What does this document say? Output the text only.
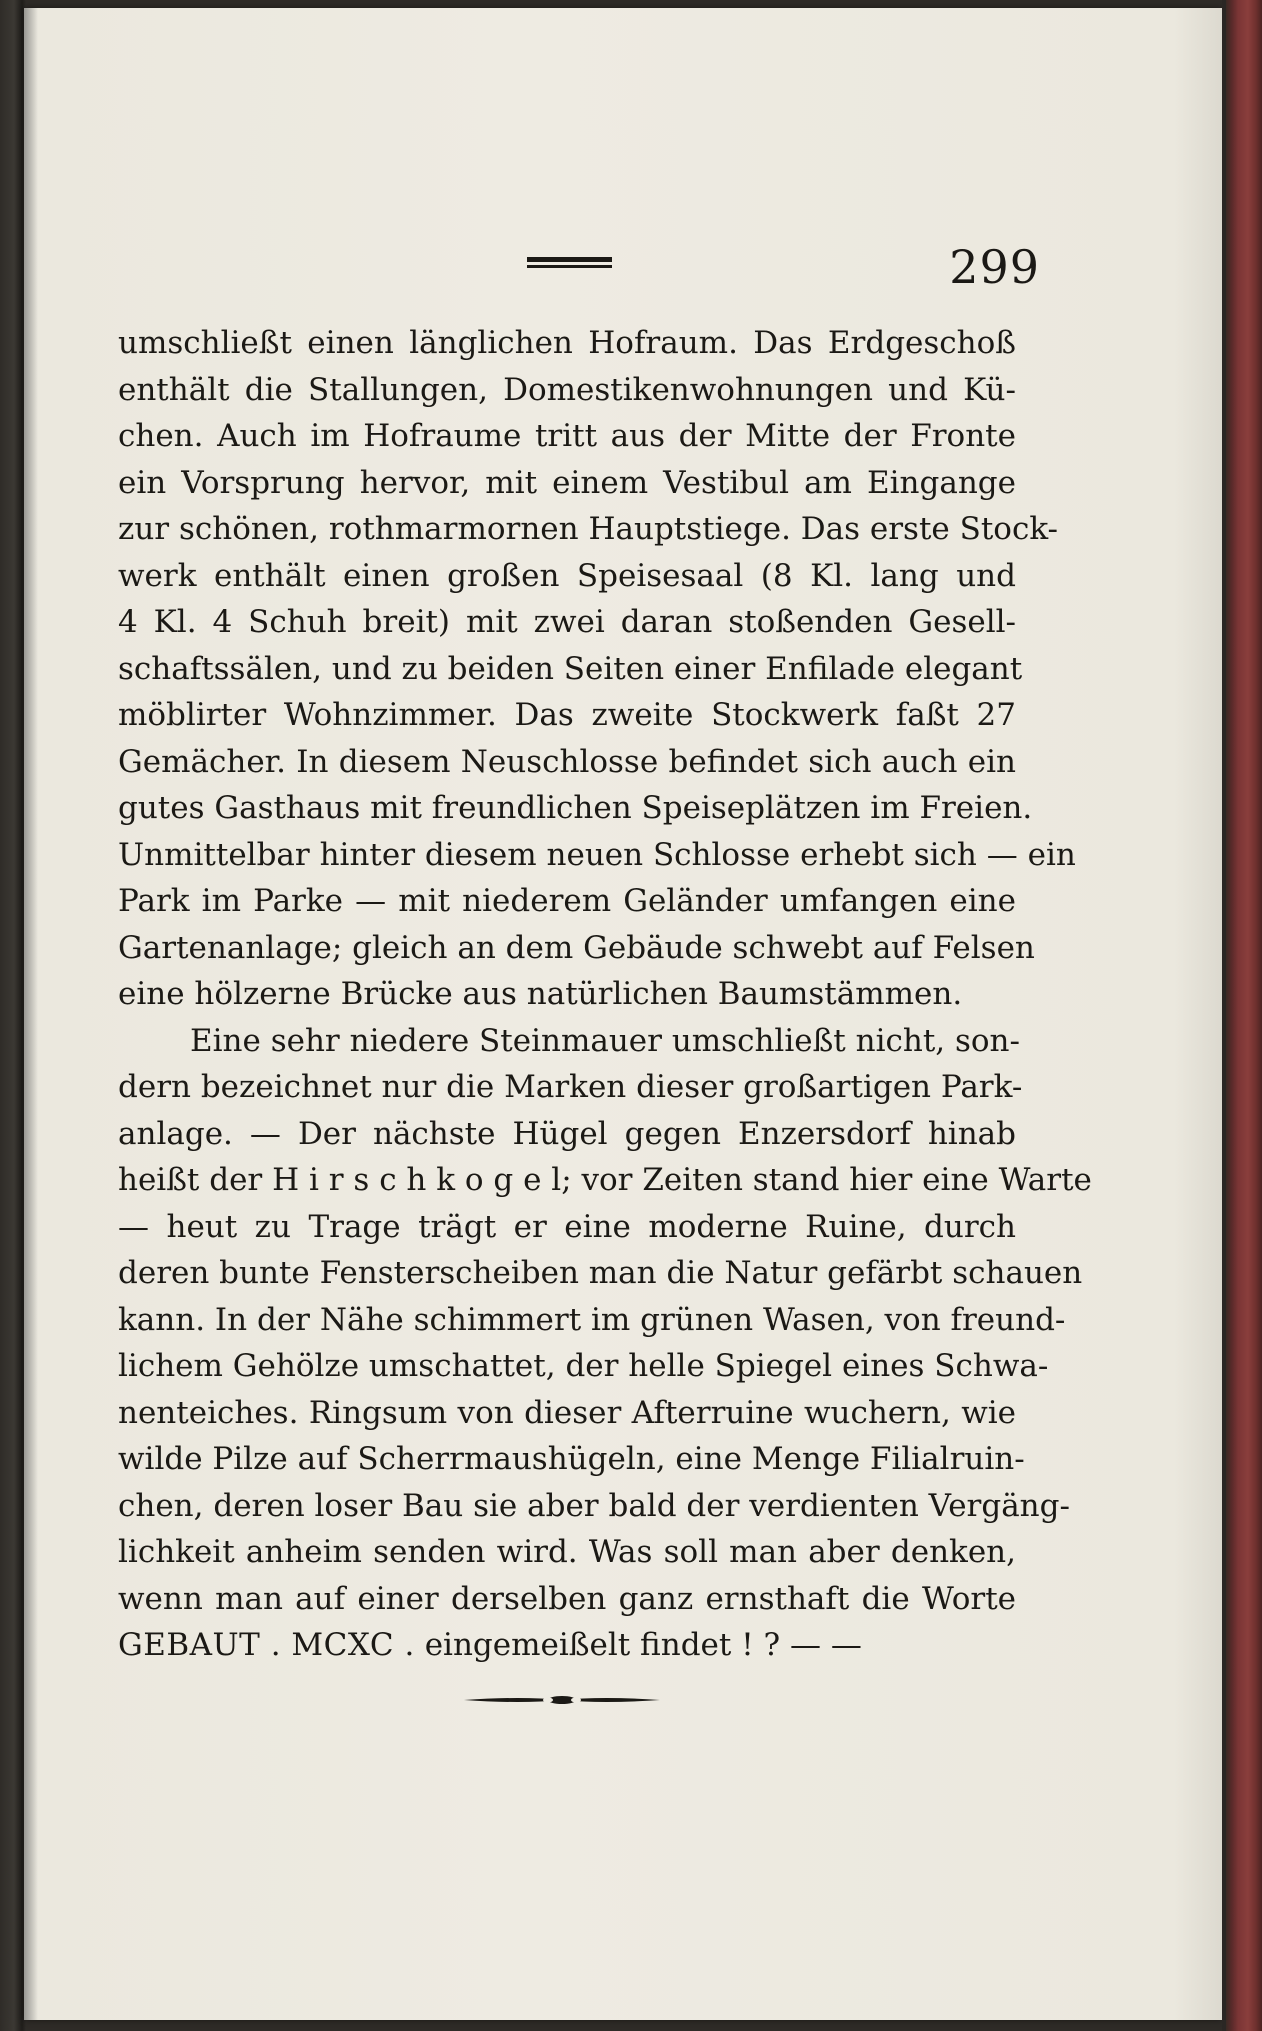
299
umschließt einen länglichen Hofraum. Das Erdgeschoß
enthält die Stallungen, Domestikenwohnungen und Kü-
chen. Auch im Hofraume tritt aus der Mitte der Fronte
ein Vorsprung hervor, mit einem Vestibul am Eingange
zur schönen, rothmarmornen Hauptstiege. Das erste Stock-
werk enthält einen großen Speisesaal (8 Kl. lang und
4 Kl. 4 Schuh breit) mit zwei daran stoßenden Gesell-
schaftssälen, und zu beiden Seiten einer Enfilade elegant
möblirter Wohnzimmer. Das zweite Stockwerk faßt 27
Gemächer. In diesem Neuschlosse befindet sich auch ein
gutes Gasthaus mit freundlichen Speiseplätzen im Freien.
Unmittelbar hinter diesem neuen Schlosse erhebt sich — ein
Park im Parke — mit niederem Geländer umfangen eine
Gartenanlage; gleich an dem Gebäude schwebt auf Felsen
eine hölzerne Brücke aus natürlichen Baumstämmen.
Eine sehr niedere Steinmauer umschließt nicht, son-
dern bezeichnet nur die Marken dieser großartigen Park-
anlage. — Der nächste Hügel gegen Enzersdorf hinab
heißt der H i r s c h k o g e l; vor Zeiten stand hier eine Warte
— heut zu Trage trägt er eine moderne Ruine, durch
deren bunte Fensterscheiben man die Natur gefärbt schauen
kann. In der Nähe schimmert im grünen Wasen, von freund-
lichem Gehölze umschattet, der helle Spiegel eines Schwa-
nenteiches. Ringsum von dieser Afterruine wuchern, wie
wilde Pilze auf Scherrmaushügeln, eine Menge Filialruin-
chen, deren loser Bau sie aber bald der verdienten Vergäng-
lichkeit anheim senden wird. Was soll man aber denken,
wenn man auf einer derselben ganz ernsthaft die Worte
GEBAUT . MCXC . eingemeißelt findet ! ? — —
